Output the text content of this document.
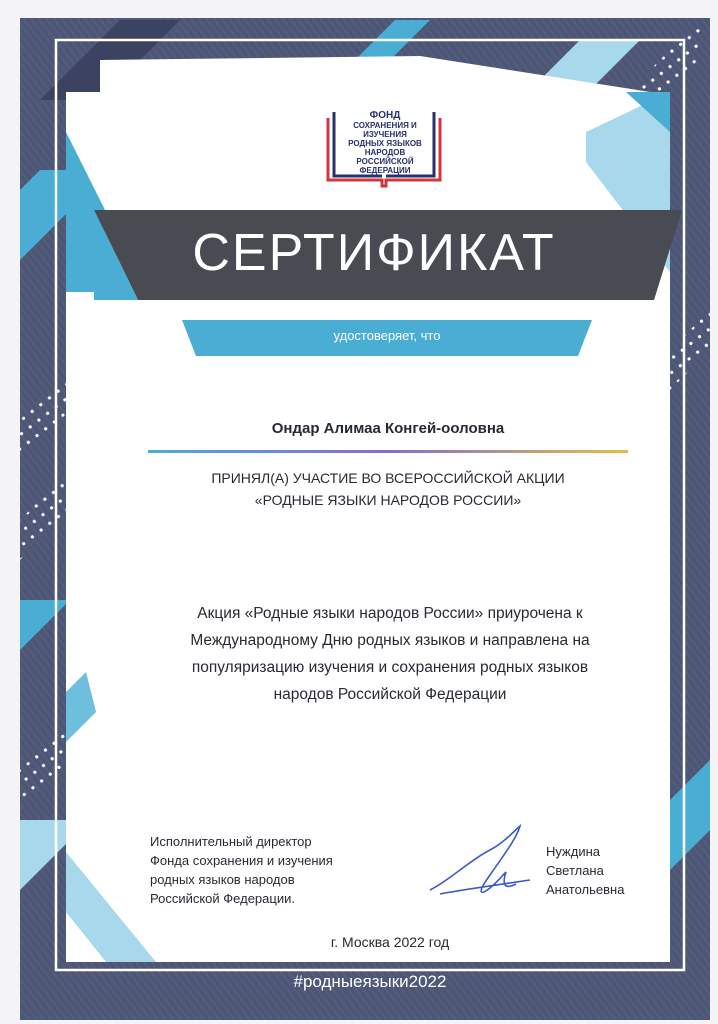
ФОНД
СОХРАНЕНИЯ И ИЗУЧЕНИЯ
РОДНЫХ ЯЗЫКОВ
НАРОДОВ
РОССИЙСКОЙ
ФЕДЕРАЦИИ
СЕРТИФИКАТ
удостоверяет, что
Ондар Алимаа Конгей-ооловна
ПРИНЯЛ(А) УЧАСТИЕ ВО ВСЕРОССИЙСКОЙ АКЦИИ
«РОДНЫЕ ЯЗЫКИ НАРОДОВ РОССИИ»
Акция «Родные языки народов России» приурочена к Международному Дню родных языков и направлена на популяризацию изучения и сохранения родных языков народов Российской Федерации
Исполнительный директор
Фонда сохранения и изучения
родных языков народов
Российской Федерации.
Нуждина
Светлана
Анатольевна
г. Москва 2022 год
#родныеязыки2022
